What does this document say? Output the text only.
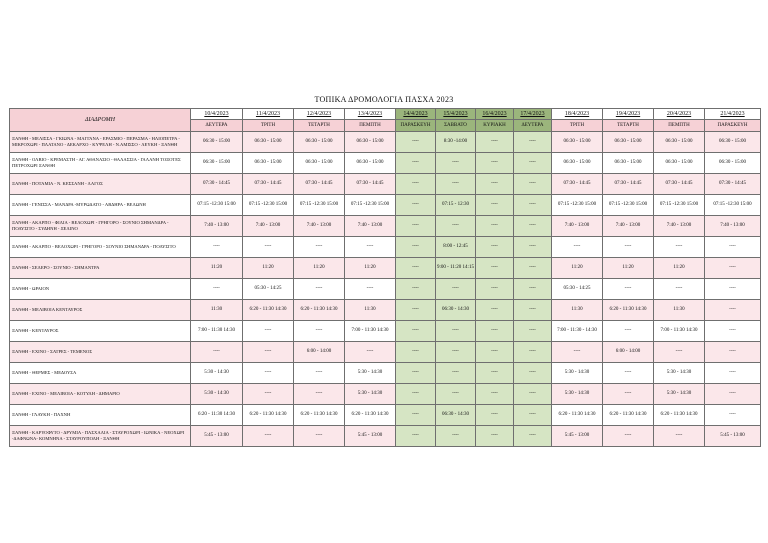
ΤΟΠΙΚΑ ΔΡΟΜΟΛΟΓΙΑ ΠΑΣΧΑ 2023
ΔΙΑΔΡΟΜΗ	10/4/2023	11/4/2023	12/4/2023	13/4/2023	14/4/2023	15/4/2023	16/4/2023	17/4/2023	18/4/2023	19/4/2023	20/4/2023	21/4/2023
	ΔΕΥΤΕΡΑ	ΤΡΙΤΗ	ΤΕΤΑΡΤΗ	ΠΕΜΠΤΗ	ΠΑΡΑΣΚΕΥΗ	ΣΑΒΒΑΤΟ	ΚΥΡΙΑΚΗ	ΔΕΥΤΕΡΑ	ΤΡΙΤΗ	ΤΕΤΑΡΤΗ	ΠΕΜΠΤΗ	ΠΑΡΑΣΚΕΥΗ
ΞΑΝΘΗ - ΜΕΛΙΣΣΑ - ΓΚΙΩΝΑ - ΜΑΓΓΑΝΑ - ΕΡΑΣΜΙΟ - ΠΕΡΑΣΜΑ - ΗΛΙΟΠΕΤΡΑ - ΜΙΚΡΟΧΩΡΙ - ΠΛΑΤΑΝΟ - ΔΕΚΑΡΧΟ - ΚΥΨΕΛΗ - Ν.ΑΜΙΣΣΟ - ΛΕΥΚΗ - ΞΑΝΘΗ	06:30 - 15:00	06:30 - 15:00	06:30 - 15:00	06:30 - 15:00	----	8:30 -14:00	----	----	06:30 - 15:00	06:30 - 15:00	06:30 - 15:00	06:30 - 15:00
ΞΑΝΘΗ - ΟΛΒΙΟ - ΚΡΕΜΑΣΤΗ - ΑΓ. ΑΘΑΝΑΣΙΟ - ΘΑΛΑΣΣΙΑ - ΓΑΛΑΝΗ ΤΟΞΟΤΕΣ ΠΕΤΡΟΧΩΡΙ ΞΑΝΘΗ	06:30 - 15:00	06:30 - 15:00	06:30 - 15:00	06:30 - 15:00	----	----	----	----	06:30 - 15:00	06:30 - 15:00	06:30 - 15:00	06:30 - 15:00
ΞΑΝΘΗ - ΠΟΤΑΜΙΑ - Ν. ΚΕΣΣΑΝΗ - ΛΑΓΟΣ	07:30 - 14:45	07:30 - 14:45	07:30 - 14:45	07:30 - 14:45	----	----	----	----	07:30 - 14:45	07:30 - 14:45	07:30 - 14:45	07:30 - 14:45
ΞΑΝΘΗ - ΓΕΝΙΣΣΑ - ΜΑΝΔΡΑ -ΜΥΡΩΔΑΤΟ - ΑΒΔΗΡΑ - ΒΕΛΩΝΗ	07:15 -12:30 15:00	07:15 -12:30 15:00	07:15 -12:30 15:00	07:15 -12:30 15:00	----	07:15 - 12:30	----	----	07:15 -12:30 15:00	07:15 -12:30 15:00	07:15 -12:30 15:00	07:15 -12:30 15:00
ΞΑΝΘΗ - ΑΚΑΡΠΟ - ΦΙΛΙΑ - ΒΕΛΟΧΩΡΙ - ΓΡΗΓΟΡΟ - ΣΟΥΝΙΟ ΣΗΜΑΝΔΡΑ - ΠΟΛΥΣΙΤΟ - ΣΥΔΗΝΗ - ΞΕΛΙΝΟ	7:40 - 13:00	7:40 - 13:00	7:40 - 13:00	7:40 - 13:00	----	----	----	----	7:40 - 13:00	7:40 - 13:00	7:40 - 13:00	7:40 - 13:00
ΞΑΝΘΗ - ΑΚΑΡΠΟ - ΒΕΛΟΧΩΡΙ - ΓΡΗΓΟΡΟ - ΣΟΥΝΙΟ ΣΗΜΑΝΔΡΑ - ΠΟΛΥΣΙΤΟ	----	----	----	----	----	8:00 - 12:45	----	----	----	----	----	----
ΞΑΝΘΗ - ΣΕΛΕΡΟ - ΣΟΥΝΙΟ - ΣΗΜΑΝΤΡΑ	11:20	11:20	11:20	11:20	----	9:00 - 11:20 14:15	----	----	11:20	11:20	11:20	----
ΞΑΝΘΗ - ΩΡΑΙΟΝ	----	05:30 - 14:25	----	----	----	----	----	----	05:30 - 14:25	----	----	----
ΞΑΝΘΗ - ΜΕΛΙΒΟΙΑ ΚΕΝΤΑΥΡΟΣ	11:30	6:20 - 11:30 14:30	6:20 - 11:30 14:30	11:30	----	06:30 - 14:30	----	----	11:30	6:20 - 11:30 14:30	11:30	----
ΞΑΝΘΗ - ΚΕΝΤΑΥΡΟΣ	7:00 - 11:30 14:30	----	----	7:00 - 11:30 14:30	----	----	----	----	7:00 - 11:30 - 14:30	----	7:00 - 11:30 14:30	----
ΞΑΝΘΗ - ΕΧΙΝΟ - ΣΑΤΡΕΣ - ΤΕΜΕΝΟΣ	----	----	6:00 - 14:00	----	----	----	----	----	----	6:00 - 14:00	----	----
ΞΑΝΘΗ - ΘΕΡΜΕΣ - ΜΕΔΟΥΣΑ	5:30 - 14:30	----	----	5:30 - 14:30	----	----	----	----	5:30 - 14:30	----	5:30 - 14:30	----
ΞΑΝΘΗ - ΕΧΙΝΟ - ΜΕΛΙΒΟΙΑ - ΚΟΤΥΛΗ - ΔΗΜΑΡΙΟ	5:30 - 14:30	----	----	5:30 - 14:30	----	----	----	----	5:30 - 14:30	----	5:30 - 14:30	----
ΞΑΝΘΗ - ΓΛΑΥΚΗ - ΠΑΧΝΗ	6:20 - 11:30 14:30	6:20 - 11:30 14:30	6:20 - 11:30 14:30	6:20 - 11:30 14:30	----	06:30 - 14:30	----	----	6:20 - 11:30 14:30	6:20 - 11:30 14:30	6:20 - 11:30 14:30	----
ΞΑΝΘΗ - ΚΑΡΥΟΦΥΤΟ - ΔΡΥΜΙΑ - ΠΑΣΧΑΛΙΑ - ΣΤΑΥΡΟΧΩΡΙ - ΙΩΝΙΚΑ - ΝΕΟΧΩΡΙ -ΔΑΦΝΩΝΑ- ΚΟΜΝΗΝΑ - ΣΤΑΥΡΟΥΠΟΛΗ - ΞΑΝΘΗ	5:45 - 13:00	----	----	5:45 - 13:00	----	----	----	----	5:45 - 13:00	----	----	5:45 - 13:00
